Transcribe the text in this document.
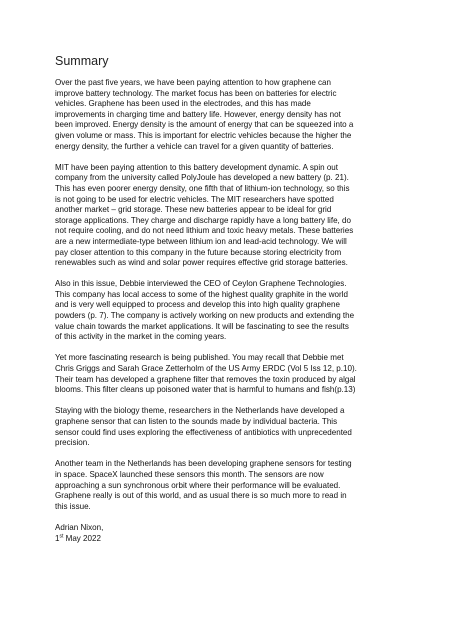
Summary

Over the past five years, we have been paying attention to how graphene can
improve battery technology. The market focus has been on batteries for electric
vehicles. Graphene has been used in the electrodes, and this has made
improvements in charging time and battery life. However, energy density has not
been improved. Energy density is the amount of energy that can be squeezed into a
given volume or mass. This is important for electric vehicles because the higher the
energy density, the further a vehicle can travel for a given quantity of batteries.

MIT have been paying attention to this battery development dynamic. A spin out
company from the university called PolyJoule has developed a new battery (p. 21).
This has even poorer energy density, one fifth that of lithium-ion technology, so this
is not going to be used for electric vehicles. The MIT researchers have spotted
another market – grid storage. These new batteries appear to be ideal for grid
storage applications. They charge and discharge rapidly have a long battery life, do
not require cooling, and do not need lithium and toxic heavy metals. These batteries
are a new intermediate-type between lithium ion and lead-acid technology. We will
pay closer attention to this company in the future because storing electricity from
renewables such as wind and solar power requires effective grid storage batteries.

Also in this issue, Debbie interviewed the CEO of Ceylon Graphene Technologies.
This company has local access to some of the highest quality graphite in the world
and is very well equipped to process and develop this into high quality graphene
powders (p. 7). The company is actively working on new products and extending the
value chain towards the market applications. It will be fascinating to see the results
of this activity in the market in the coming years.

Yet more fascinating research is being published. You may recall that Debbie met
Chris Griggs and Sarah Grace Zetterholm of the US Army ERDC (Vol 5 Iss 12, p.10).
Their team has developed a graphene filter that removes the toxin produced by algal
blooms. This filter cleans up poisoned water that is harmful to humans and fish(p.13)

Staying with the biology theme, researchers in the Netherlands have developed a
graphene sensor that can listen to the sounds made by individual bacteria. This
sensor could find uses exploring the effectiveness of antibiotics with unprecedented
precision.

Another team in the Netherlands has been developing graphene sensors for testing
in space. SpaceX launched these sensors this month. The sensors are now
approaching a sun synchronous orbit where their performance will be evaluated.
Graphene really is out of this world, and as usual there is so much more to read in
this issue.

Adrian Nixon,

1st May 2022
